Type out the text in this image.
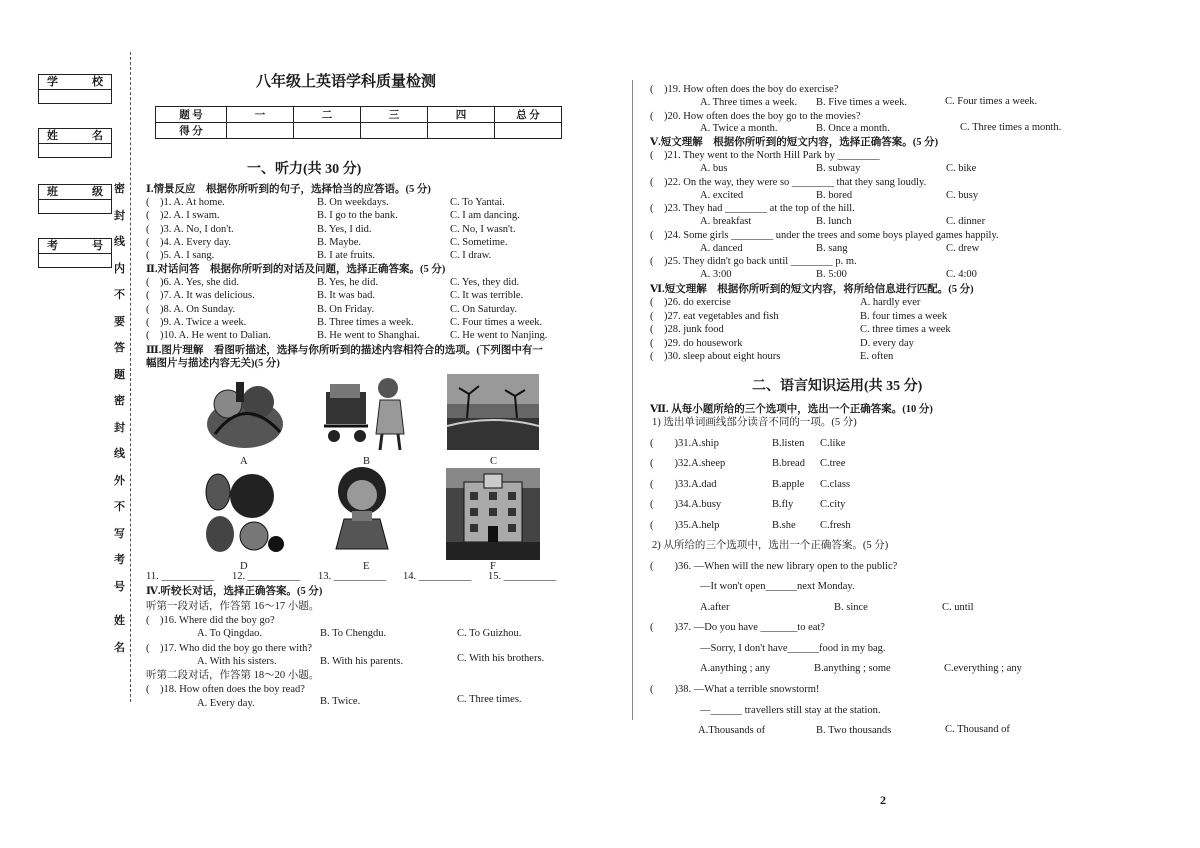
学	校
姓	名
班	级
考	号
密
封
线
内
不
要
答
题
密
封
线
外
不
写
考
号
姓
名
八年级上英语学科质量检测
题 号	一	二	三	四	总 分
得 分					
一、听力(共 30 分)
Ⅰ.情景反应　根据你所听到的句子，选择恰当的应答语。(5 分)
(　)1. A. At home.	B. On weekdays.	C. To Yantai.
(　)2. A. I swam.	B. I go to the bank.	C. I am dancing.
(　)3. A. No, I don't.	B. Yes, I did.	C. No, I wasn't.
(　)4. A. Every day.	B. Maybe.	C. Sometime.
(　)5. A. I sang.	B. I ate fruits.	C. I draw.
Ⅱ.对话问答　根据你所听到的对话及问题，选择正确答案。(5 分)
(　)6. A. Yes, she did.	B. Yes, he did.	C. Yes, they did.
(　)7. A. It was delicious.	B. It was bad.	C. It was terrible.
(　)8. A. On Sunday.	B. On Friday.	C. On Saturday.
(　)9. A. Twice a week.	B. Three times a week.	C. Four times a week.
(　)10. A. He went to Dalian.	B. He went to Shanghai.	C. He went to Nanjing.
Ⅲ.图片理解　看图听描述，选择与你所听到的描述内容相符合的选项。(下列图中有一
幅图片与描述内容无关)(5 分)
A	B	C
D	E	F
11. __________ 12. __________ 13. __________ 14. __________ 15. __________
Ⅳ.听较长对话，选择正确答案。(5 分)
听第一段对话，作答第 16～17 小题。
(　)16. Where did the boy go?
A. To Qingdao.	B. To Chengdu.	C. To Guizhou.
(　)17. Who did the boy go there with?
A. With his sisters.	B. With his parents.	C. With his brothers.
听第二段对话，作答第 18～20 小题。
(　)18. How often does the boy read?
A. Every day.	B. Twice.	C. Three times.
(　)19. How often does the boy do exercise?
A. Three times a week. B. Five times a week.	C. Four times a week.
(　)20. How often does the boy go to the movies?
A. Twice a month.	B. Once a month.	C. Three times a month.
Ⅴ.短文理解　根据你所听到的短文内容，选择正确答案。(5 分)
(　)21. They went to the North Hill Park by ________
A. bus	B. subway	C. bike
(　)22. On the way, they were so ________ that they sang loudly.
A. excited	B. bored	C. busy
(　)23. They had ________ at the top of the hill.
A. breakfast	B. lunch	C. dinner
(　)24. Some girls ________ under the trees and some boys played games happily.
A. danced	B. sang	C. drew
(　)25. They didn't go back until ________ p. m.
A. 3:00	B. 5:00	C. 4:00
Ⅵ.短文理解　根据你所听到的短文内容，将所给信息进行匹配。(5 分)
(　)26. do exercise	A. hardly ever
(　)27. eat vegetables and fish	B. four times a week
(　)28. junk food	C. three times a week
(　)29. do housework	D. every day
(　)30. sleep about eight hours	E. often
二、语言知识运用(共 35 分)
Ⅶ. 从每小题所给的三个选项中，选出一个正确答案。(10 分)
1) 选出单词画线部分读音不同的一项。(5 分)
(　　)31.A.ship	B.listen C.like
(　　)32.A.sheep	B.bread C.tree
(　　)33.A.dad	B.apple C.class
(　　)34.A.busy	B.fly	C.city
(　　)35.A.help	B.she C.fresh
2) 从所给的三个选项中，选出一个正确答案。(5 分)
(　　)36. —When will the new library open to the public?
—It won't open______next Monday.
A.after	B. since	C. until
(　　)37. —Do you have _______to eat?
—Sorry, I don't have______food in my bag.
A.anything ; any	B.anything ; some	C.everything ; any
(　　)38. —What a terrible snowstorm!
—______ travellers still stay at the station.
A.Thousands of	B. Two thousands	C. Thousand of
2
